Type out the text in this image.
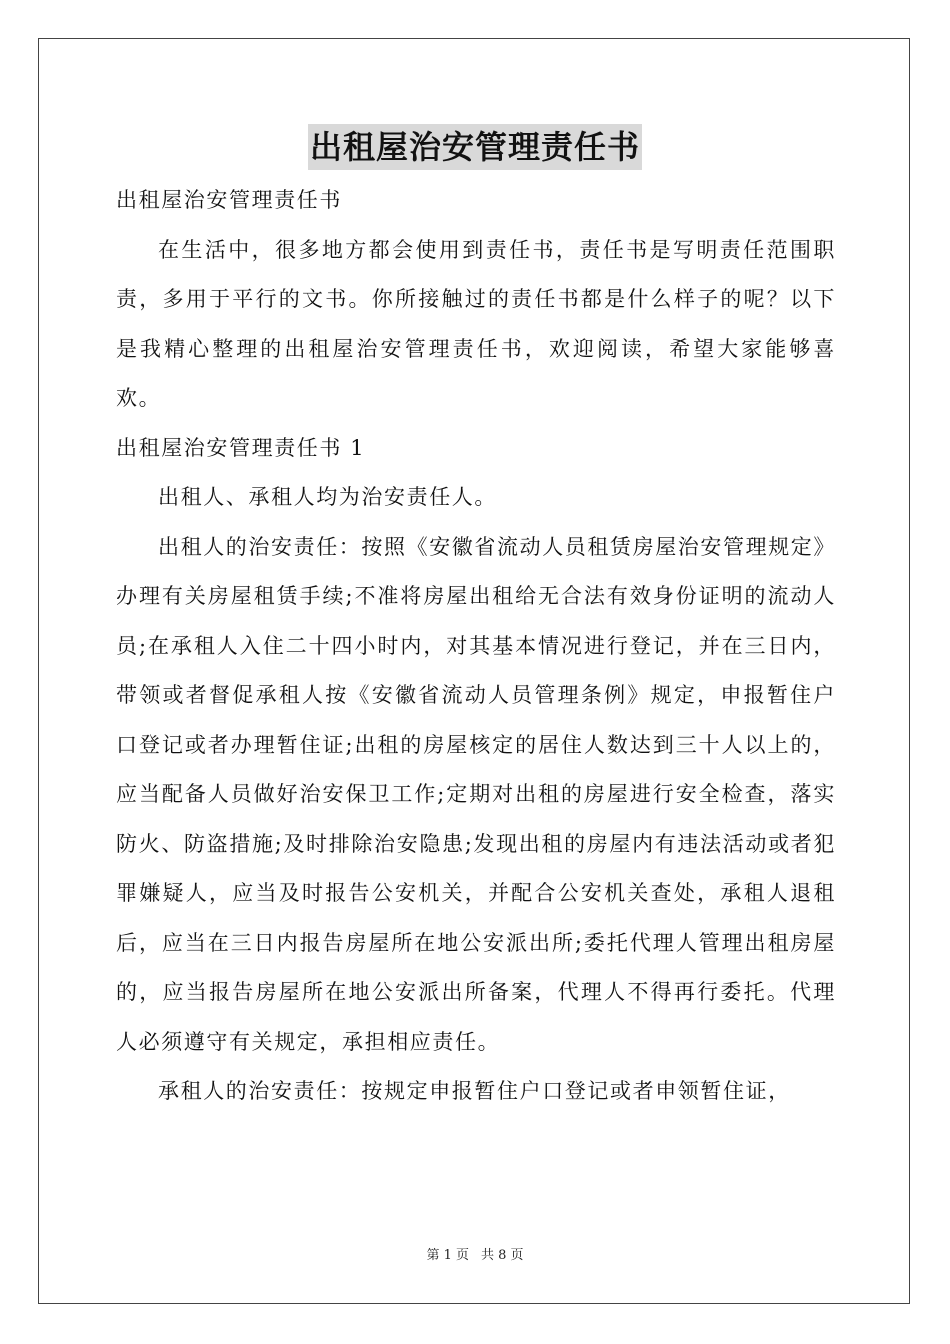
出租屋治安管理责任书

出租屋治安管理责任书

在生活中，很多地方都会使用到责任书，责任书是写明责任范围职责，多用于平行的文书。你所接触过的责任书都是什么样子的呢？以下是我精心整理的出租屋治安管理责任书，欢迎阅读，希望大家能够喜欢。

出租屋治安管理责任书 1

出租人、承租人均为治安责任人。

出租人的治安责任：按照《安徽省流动人员租赁房屋治安管理规定》办理有关房屋租赁手续;不准将房屋出租给无合法有效身份证明的流动人员;在承租人入住二十四小时内，对其基本情况进行登记，并在三日内，带领或者督促承租人按《安徽省流动人员管理条例》规定，申报暂住户口登记或者办理暂住证;出租的房屋核定的居住人数达到三十人以上的，应当配备人员做好治安保卫工作;定期对出租的房屋进行安全检查，落实防火、防盗措施;及时排除治安隐患;发现出租的房屋内有违法活动或者犯罪嫌疑人，应当及时报告公安机关，并配合公安机关查处，承租人退租后，应当在三日内报告房屋所在地公安派出所;委托代理人管理出租房屋的，应当报告房屋所在地公安派出所备案，代理人不得再行委托。代理人必须遵守有关规定，承担相应责任。

承租人的治安责任：按规定申报暂住户口登记或者申领暂住证，

第 1 页 共 8 页
